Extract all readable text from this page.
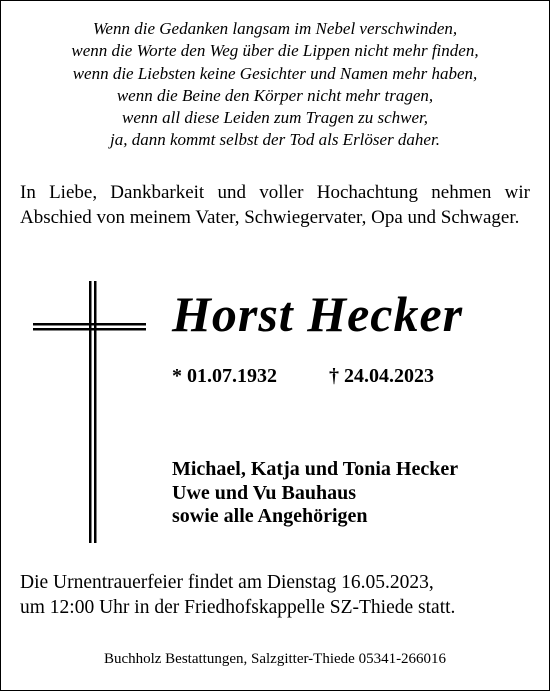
Wenn die Gedanken langsam im Nebel verschwinden,
wenn die Worte den Weg über die Lippen nicht mehr finden,
wenn die Liebsten keine Gesichter und Namen mehr haben,
wenn die Beine den Körper nicht mehr tragen,
wenn all diese Leiden zum Tragen zu schwer,
ja, dann kommt selbst der Tod als Erlöser daher.
In Liebe, Dankbarkeit und voller Hochachtung nehmen wir Abschied von meinem Vater, Schwiegervater, Opa und Schwager.
Horst Hecker
* 01.07.1932	† 24.04.2023
Michael, Katja und Tonia Hecker
Uwe und Vu Bauhaus
sowie alle Angehörigen
Die Urnentrauerfeier findet am Dienstag 16.05.2023,
um 12:00 Uhr in der Friedhofskappelle SZ-Thiede statt.
Buchholz Bestattungen, Salzgitter-Thiede 05341-266016
